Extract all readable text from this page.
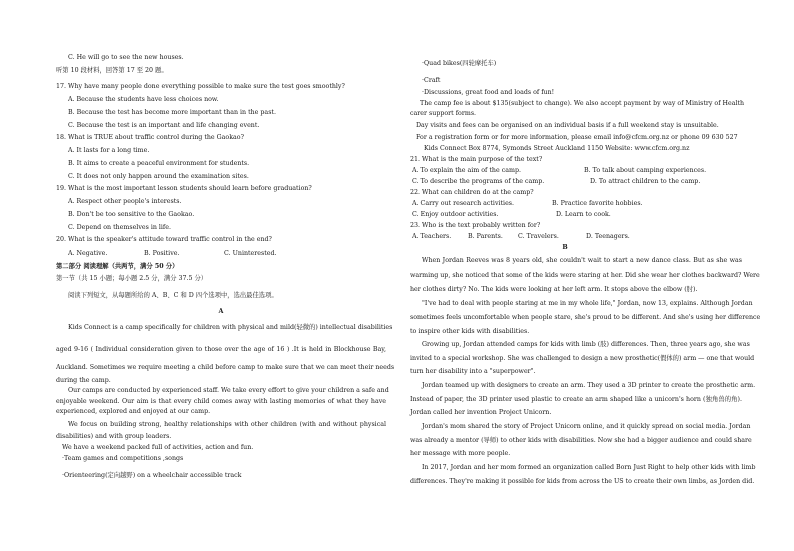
C. He will go to see the new houses.
听第 10 段材料，回答第 17 至 20 题。
17. Why have many people done everything possible to make sure the test goes smoothly?
A. Because the students have less choices now.
B. Because the test has become more important than in the past.
C. Because the test is an important and life changing event.
18. What is TRUE about traffic control during the Gaokao?
A. It lasts for a long time.
B. It aims to create a peaceful environment for students.
C. It does not only happen around the examination sites.
19. What is the most important lesson students should learn before graduation?
A. Respect other people's interests.
B. Don't be too sensitive to the Gaokao.
C. Depend on themselves in life.
20. What is the speaker's attitude toward traffic control in the end?
A. Negative.	B. Positive.	C. Uninterested.
第二部分 阅读理解（共两节，满分 50 分）
第一节（共 15 小题；每小题 2.5 分，满分 37.5 分）
阅读下列短文，从每题所给的 A、B、C 和 D 四个选项中，选出最佳选项。
A
Kids Connect is a camp specifically for children with physical and mild(轻微的) intellectual disabilities
aged 9-16 ( Individual consideration given to those over the age of 16 ) .It is held in Blockhouse Bay,
Auckland. Sometimes we require meeting a child before camp to make sure that we can meet their needs
during the camp.
Our camps are conducted by experienced staff. We take every effort to give your children a safe and
enjoyable weekend. Our aim is that every child comes away with lasting memories of what they have
experienced, explored and enjoyed at our camp.
We focus on building strong, healthy relationships with other children (with and without physical
disabilities) and with group leaders.
We have a weekend packed full of activities, action and fun.
·Team games and competitions ,songs
·Orienteering(定向越野) on a wheelchair accessible track
·Quad bikes(四轮摩托车)
·Craft
·Discussions, great food and loads of fun!
The camp fee is about $135(subject to change). We also accept payment by way of Ministry of Health
carer support forms.
Day visits and fees can be organised on an individual basis if a full weekend stay is unsuitable.
For a registration form or for more information, please email info@cfcm.org.nz or phone 09 630 527
Kids Connect Box 8774, Symonds Street Auckland 1150 Website: www.cfcm.org.nz
21. What is the main purpose of the text?
A. To explain the aim of the camp.	B. To talk about camping experiences.
C. To describe the programs of the camp.	D. To attract children to the camp.
22. What can children do at the camp?
A. Carry out research activities.	B. Practice favorite hobbies.
C. Enjoy outdoor activities.	D. Learn to cook.
23. Who is the text probably written for?
A. Teachers.	B. Parents. C. Travelers.	D. Teenagers.
B
When Jordan Reeves was 8 years old, she couldn't wait to start a new dance class. But as she was
warming up, she noticed that some of the kids were staring at her. Did she wear her clothes backward? Were
her clothes dirty? No. The kids were looking at her left arm. It stops above the elbow (肘).
"I've had to deal with people staring at me in my whole life," Jordan, now 13, explains. Although Jordan
sometimes feels uncomfortable when people stare, she's proud to be different. And she's using her difference
to inspire other kids with disabilities.
Growing up, Jordan attended camps for kids with limb (肢) differences. Then, three years ago, she was
invited to a special workshop. She was challenged to design a new prosthetic(假体的) arm — one that would
turn her disability into a "superpower".
Jordan teamed up with designers to create an arm. They used a 3D printer to create the prosthetic arm.
Instead of paper, the 3D printer used plastic to create an arm shaped like a unicorn's horn (独角兽的角).
Jordan called her invention Project Unicorn.
Jordan's mom shared the story of Project Unicorn online, and it quickly spread on social media. Jordan
was already a mentor (导师) to other kids with disabilities. Now she had a bigger audience and could share
her message with more people.
In 2017, Jordan and her mom formed an organization called Born Just Right to help other kids with limb
differences. They're making it possible for kids from across the US to create their own limbs, as Jorden did.
